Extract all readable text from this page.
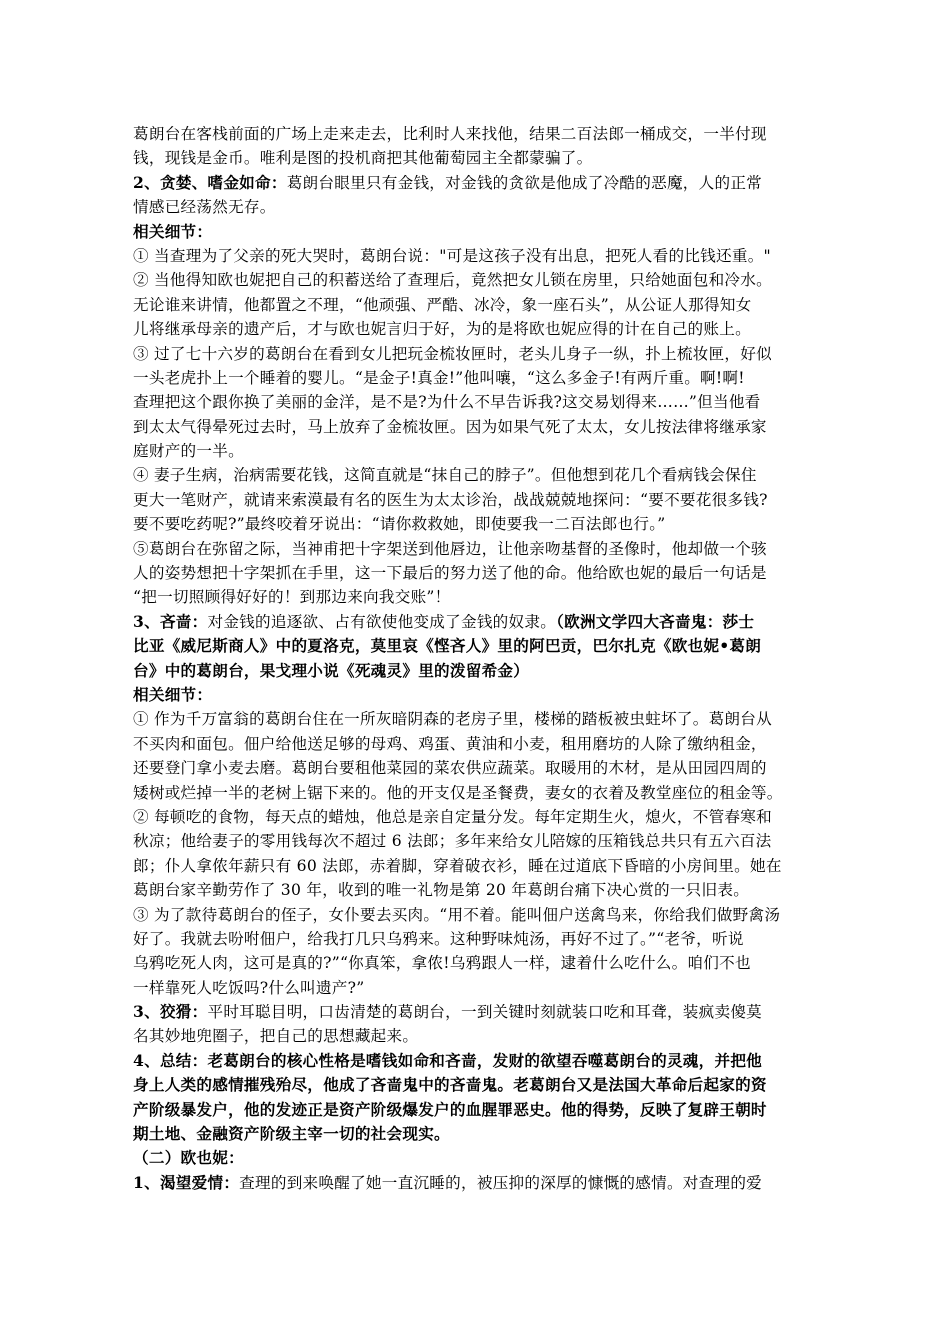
葛朗台在客栈前面的广场上走来走去，比利时人来找他，结果二百法郎一桶成交，一半付现
钱，现钱是金币。唯利是图的投机商把其他葡萄园主全都蒙骗了。
2、贪婪、嗜金如命：葛朗台眼里只有金钱，对金钱的贪欲是他成了冷酷的恶魔，人的正常
情感已经荡然无存。
相关细节：
① 当查理为了父亲的死大哭时，葛朗台说："可是这孩子没有出息，把死人看的比钱还重。"
② 当他得知欧也妮把自己的积蓄送给了查理后，竟然把女儿锁在房里，只给她面包和冷水。
无论谁来讲情，他都置之不理，“他顽强、严酷、冰冷，象一座石头”，从公证人那得知女
儿将继承母亲的遗产后，才与欧也妮言归于好，为的是将欧也妮应得的计在自己的账上。
③ 过了七十六岁的葛朗台在看到女儿把玩金梳妆匣时，老头儿身子一纵，扑上梳妆匣，好似
一头老虎扑上一个睡着的婴儿。“是金子!真金!”他叫嚷，“这么多金子!有两斤重。啊!啊!
查理把这个跟你换了美丽的金洋，是不是?为什么不早告诉我?这交易划得来……”但当他看
到太太气得晕死过去时，马上放弃了金梳妆匣。因为如果气死了太太，女儿按法律将继承家
庭财产的一半。
④ 妻子生病，治病需要花钱，这简直就是“抹自己的脖子”。但他想到花几个看病钱会保住
更大一笔财产，就请来索漠最有名的医生为太太诊治，战战兢兢地探问：“要不要花很多钱?
要不要吃药呢?”最终咬着牙说出：“请你救救她，即使要我一二百法郎也行。”
⑤葛朗台在弥留之际，当神甫把十字架送到他唇边，让他亲吻基督的圣像时，他却做一个骇
人的姿势想把十字架抓在手里，这一下最后的努力送了他的命。他给欧也妮的最后一句话是
“把一切照顾得好好的！到那边来向我交账”！
3、吝啬：对金钱的追逐欲、占有欲使他变成了金钱的奴隶。（欧洲文学四大吝啬鬼：莎士
比亚《威尼斯商人》中的夏洛克，莫里哀《悭吝人》里的阿巴贡，巴尔扎克《欧也妮•葛朗
台》中的葛朗台，果戈理小说《死魂灵》里的泼留希金）
相关细节：
① 作为千万富翁的葛朗台住在一所灰暗阴森的老房子里，楼梯的踏板被虫蛀坏了。葛朗台从
不买肉和面包。佃户给他送足够的母鸡、鸡蛋、黄油和小麦，租用磨坊的人除了缴纳租金，
还要登门拿小麦去磨。葛朗台要租他菜园的菜农供应蔬菜。取暖用的木材，是从田园四周的
矮树或烂掉一半的老树上锯下来的。他的开支仅是圣餐费，妻女的衣着及教堂座位的租金等。
② 每顿吃的食物，每天点的蜡烛，他总是亲自定量分发。每年定期生火，熄火，不管春寒和
秋凉；他给妻子的零用钱每次不超过 6 法郎；多年来给女儿陪嫁的压箱钱总共只有五六百法
郎；仆人拿侬年薪只有 60 法郎，赤着脚，穿着破衣衫，睡在过道底下昏暗的小房间里。她在
葛朗台家辛勤劳作了 30 年，收到的唯一礼物是第 20 年葛朗台痛下决心赏的一只旧表。
③ 为了款待葛朗台的侄子，女仆要去买肉。“用不着。能叫佃户送禽鸟来，你给我们做野禽汤
好了。我就去吩咐佃户，给我打几只乌鸦来。这种野味炖汤，再好不过了。”“老爷，听说
乌鸦吃死人肉，这可是真的?”“你真笨，拿侬!乌鸦跟人一样，逮着什么吃什么。咱们不也
一样靠死人吃饭吗?什么叫遗产?”
3、狡猾：平时耳聪目明，口齿清楚的葛朗台，一到关键时刻就装口吃和耳聋，装疯卖傻莫
名其妙地兜圈子，把自己的思想藏起来。
4、总结：老葛朗台的核心性格是嗜钱如命和吝啬，发财的欲望吞噬葛朗台的灵魂，并把他
身上人类的感情摧残殆尽，他成了吝啬鬼中的吝啬鬼。老葛朗台又是法国大革命后起家的资
产阶级暴发户，他的发迹正是资产阶级爆发户的血腥罪恶史。他的得势，反映了复辟王朝时
期土地、金融资产阶级主宰一切的社会现实。
（二）欧也妮：
1、渴望爱情：查理的到来唤醒了她一直沉睡的，被压抑的深厚的慷慨的感情。对查理的爱
